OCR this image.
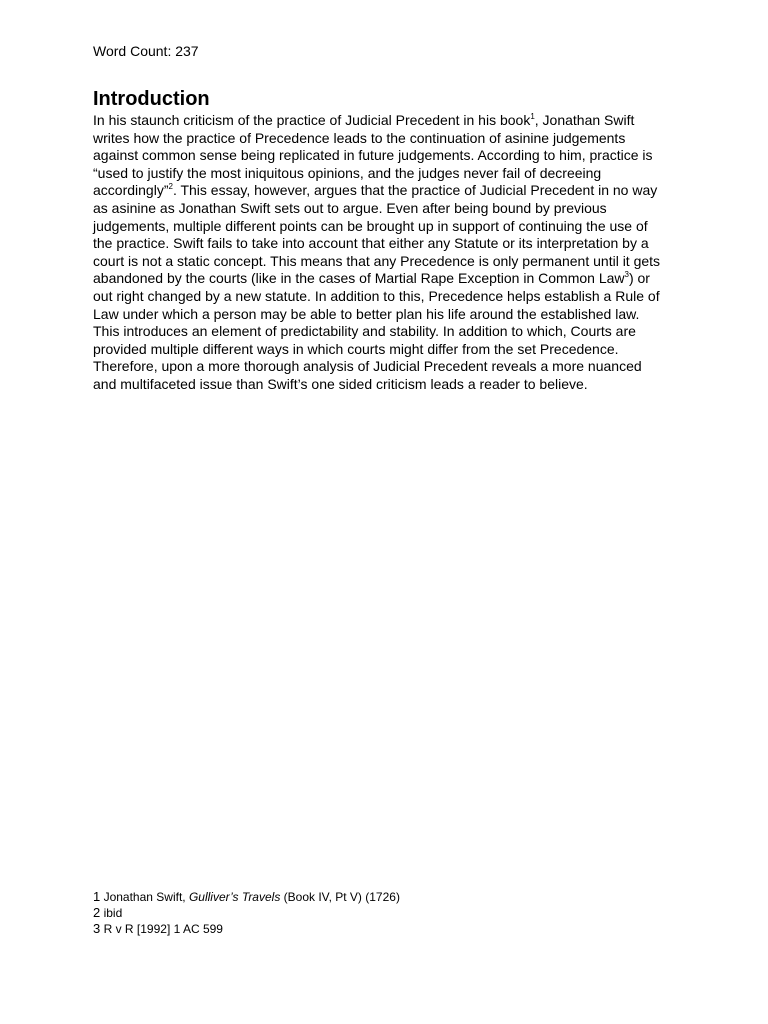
Word Count: 237
Introduction

In his staunch criticism of the practice of Judicial Precedent in his book$^1$, Jonathan Swift
writes how the practice of Precedence leads to the continuation of asinine judgements
against common sense being replicated in future judgements. According to him, practice is
“used to justify the most iniquitous opinions, and the judges never fail of decreeing
accordingly”$^2$. This essay, however, argues that the practice of Judicial Precedent in no way
as asinine as Jonathan Swift sets out to argue. Even after being bound by previous
judgements, multiple different points can be brought up in support of continuing the use of
the practice. Swift fails to take into account that either any Statute or its interpretation by a
court is not a static concept. This means that any Precedence is only permanent until it gets
abandoned by the courts (like in the cases of Martial Rape Exception in Common Law$^3$) or
out right changed by a new statute. In addition to this, Precedence helps establish a Rule of
Law under which a person may be able to better plan his life around the established law.
This introduces an element of predictability and stability. In addition to which, Courts are
provided multiple different ways in which courts might differ from the set Precedence.
Therefore, upon a more thorough analysis of Judicial Precedent reveals a more nuanced
and multifaceted issue than Swift’s one sided criticism leads a reader to believe.

1 Jonathan Swift, Gulliver’s Travels (Book IV, Pt V) (1726)
2 ibid
3 R v R [1992] 1 AC 599
